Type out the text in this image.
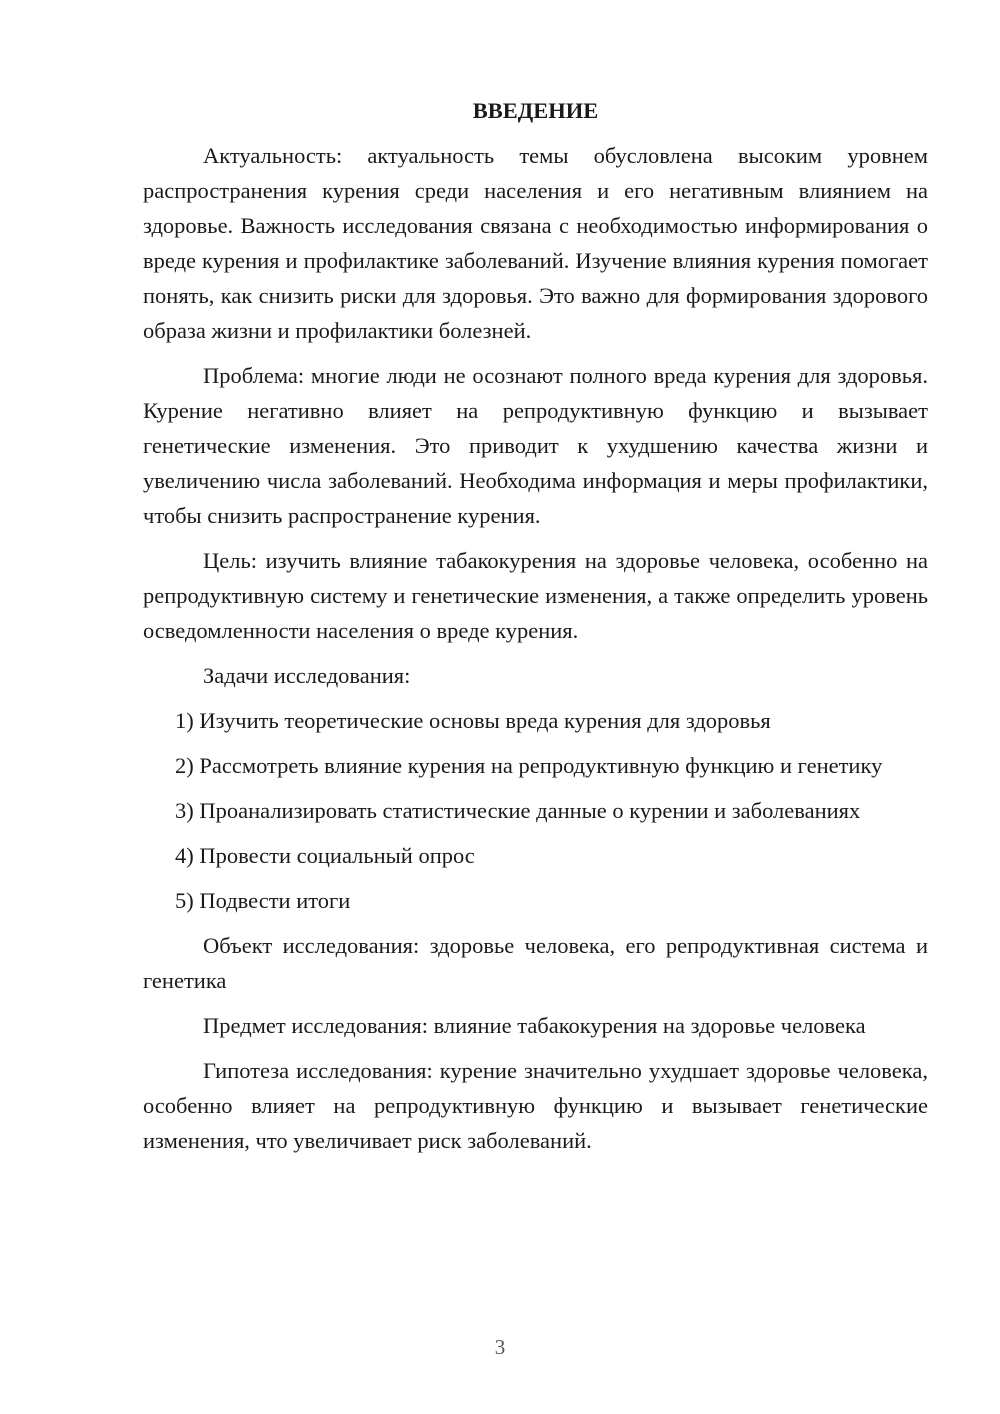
ВВЕДЕНИЕ
Актуальность: актуальность темы обусловлена высоким уровнем распространения курения среди населения и его негативным влиянием на здоровье. Важность исследования связана с необходимостью информирования о вреде курения и профилактике заболеваний. Изучение влияния курения помогает понять, как снизить риски для здоровья. Это важно для формирования здорового образа жизни и профилактики болезней.
Проблема: многие люди не осознают полного вреда курения для здоровья. Курение негативно влияет на репродуктивную функцию и вызывает генетические изменения. Это приводит к ухудшению качества жизни и увеличению числа заболеваний. Необходима информация и меры профилактики, чтобы снизить распространение курения.
Цель: изучить влияние табакокурения на здоровье человека, особенно на репродуктивную систему и генетические изменения, а также определить уровень осведомленности населения о вреде курения.
Задачи исследования:
1) Изучить теоретические основы вреда курения для здоровья
2) Рассмотреть влияние курения на репродуктивную функцию и генетику
3) Проанализировать статистические данные о курении и заболеваниях
4) Провести социальный опрос
5) Подвести итоги
Объект исследования: здоровье человека, его репродуктивная система и генетика
Предмет исследования: влияние табакокурения на здоровье человека
Гипотеза исследования: курение значительно ухудшает здоровье человека, особенно влияет на репродуктивную функцию и вызывает генетические изменения, что увеличивает риск заболеваний.
3
